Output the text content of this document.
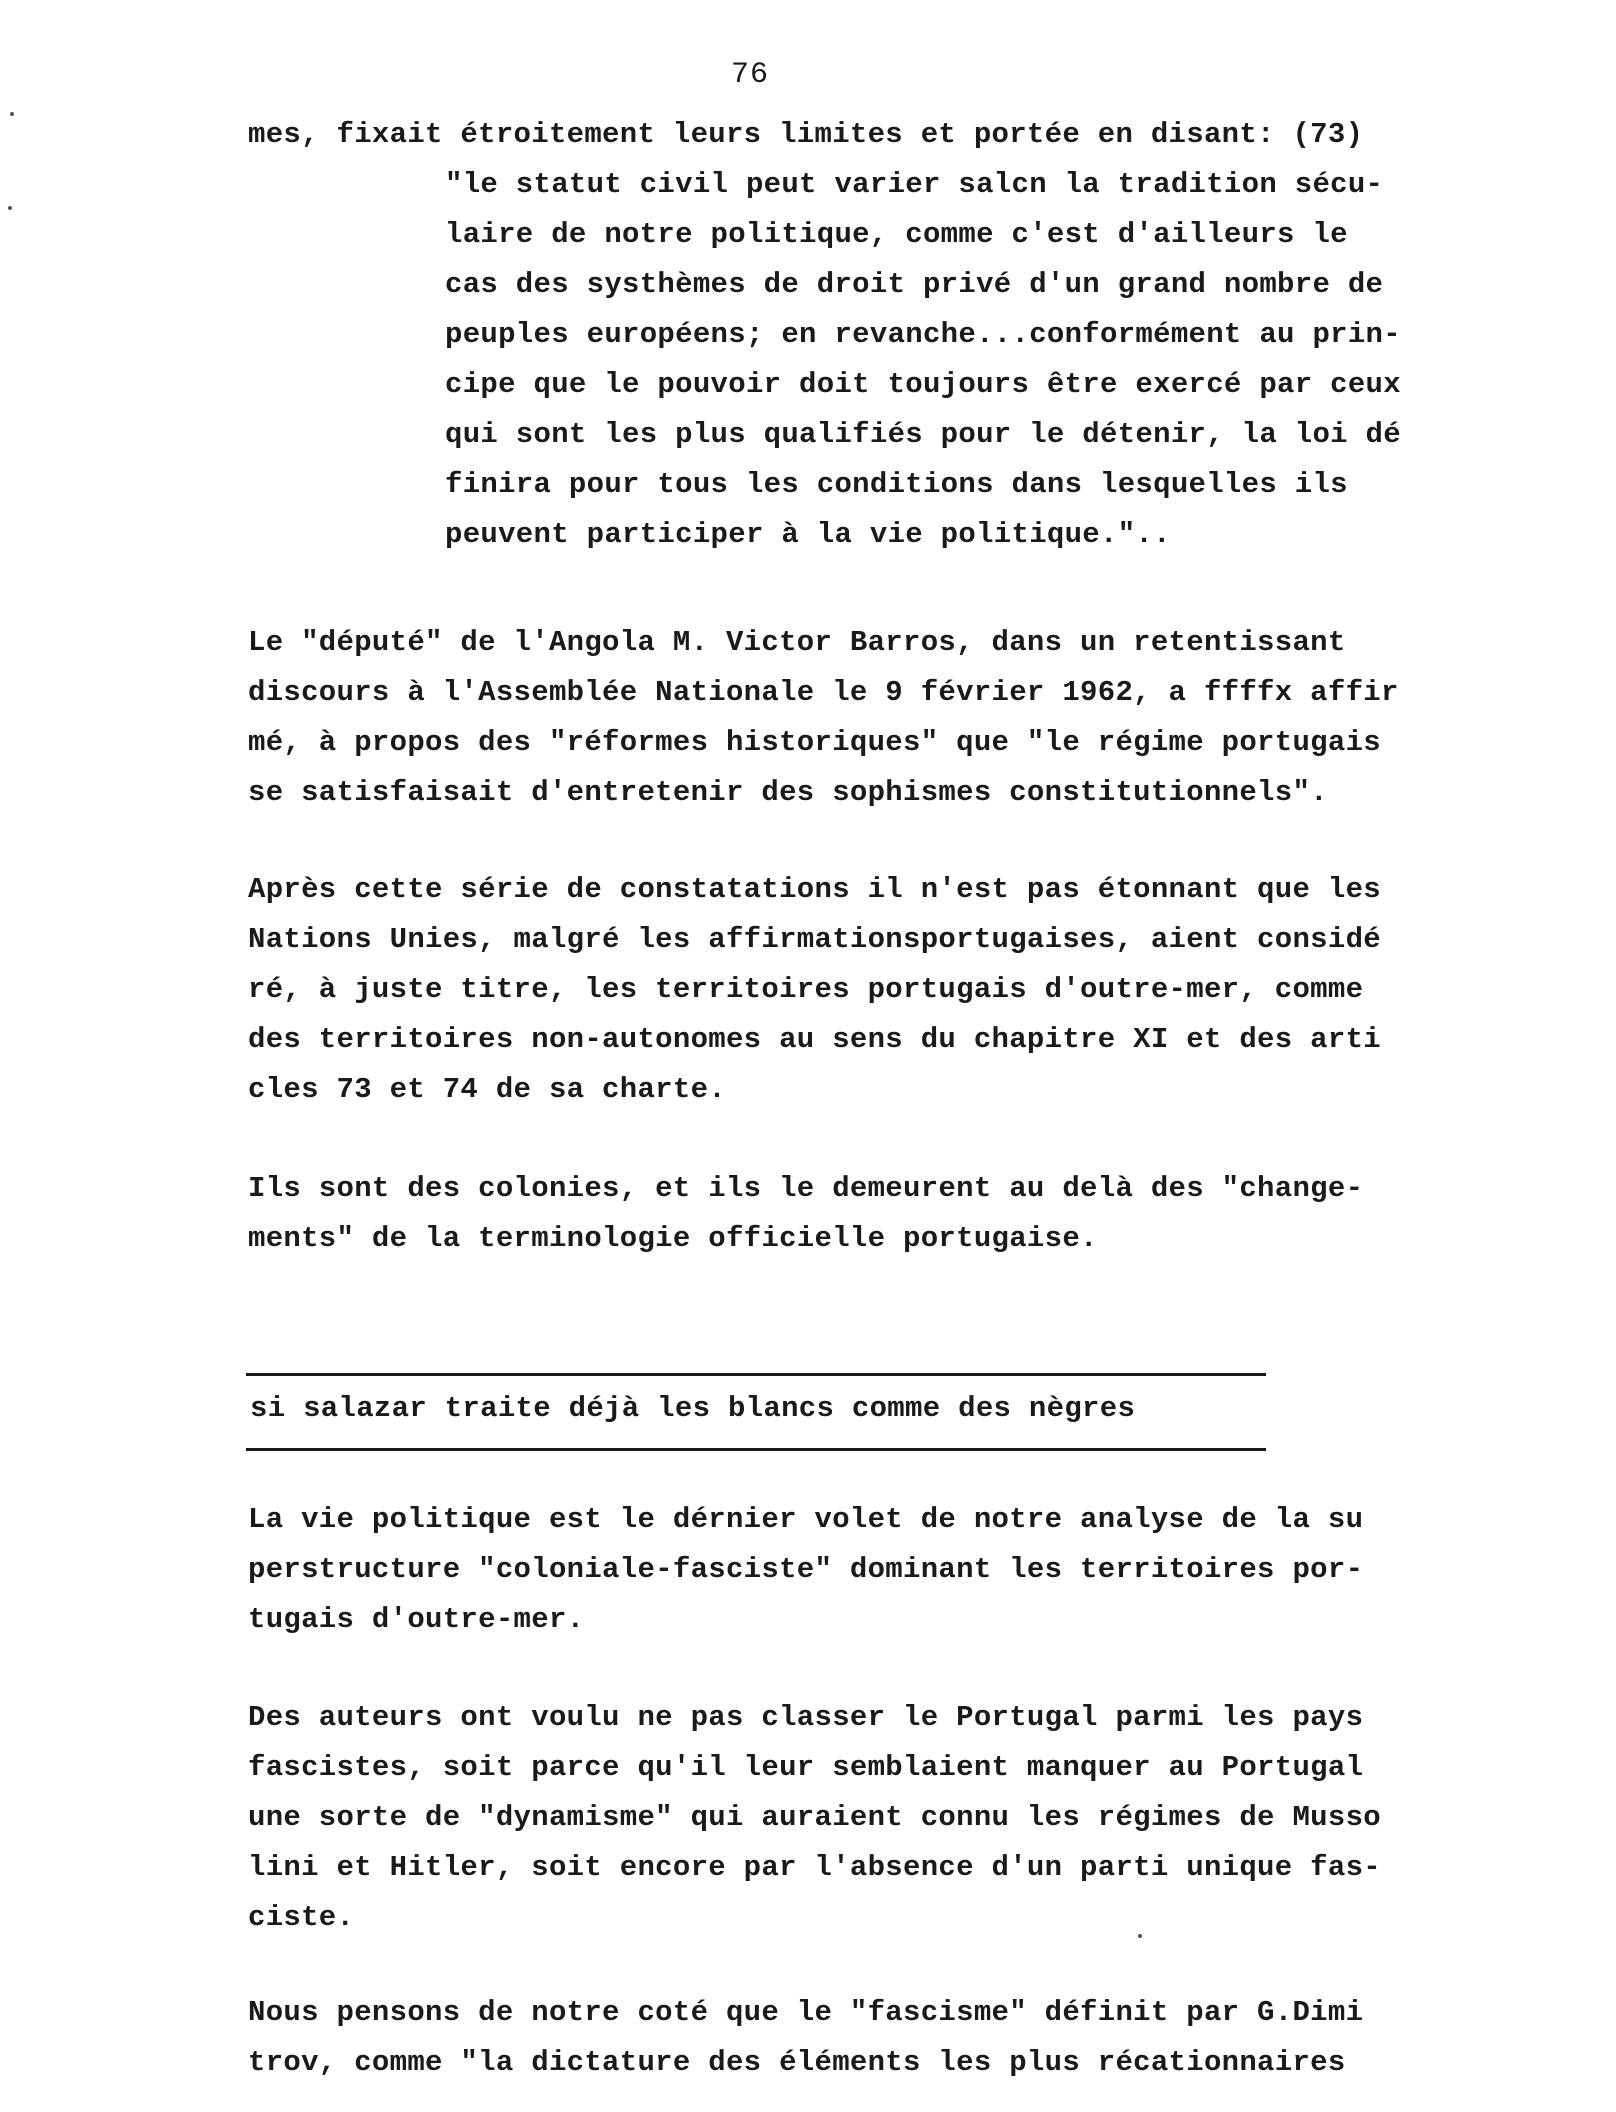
76
mes, fixait étroitement leurs limites et portée en disant: (73)
"le statut civil peut varier salcn la tradition sécu-
laire de notre politique, comme c'est d'ailleurs le
cas des systhèmes de droit privé d'un grand nombre de
peuples européens; en revanche...conformément au prin-
cipe que le pouvoir doit toujours être exercé par ceux
qui sont les plus qualifiés pour le détenir, la loi dé
finira pour tous les conditions dans lesquelles ils
peuvent participer à la vie politique."..
Le "député" de l'Angola M. Victor Barros, dans un retentissant
discours à l'Assemblée Nationale le 9 février 1962, a ffffx affir
mé, à propos des "réformes historiques" que "le régime portugais
se satisfaisait d'entretenir des sophismes constitutionnels".
Après cette série de constatations il n'est pas étonnant que les
Nations Unies, malgré les affirmationsportugaises, aient considé
ré, à juste titre, les territoires portugais d'outre-mer, comme
des territoires non-autonomes au sens du chapitre XI et des arti
cles 73 et 74 de sa charte.
Ils sont des colonies, et ils le demeurent au delà des "change-
ments" de la terminologie officielle portugaise.
si salazar traite déjà les blancs comme des nègres
La vie politique est le dérnier volet de notre analyse de la su
perstructure "coloniale-fasciste" dominant les territoires por-
tugais d'outre-mer.
Des auteurs ont voulu ne pas classer le Portugal parmi les pays
fascistes, soit parce qu'il leur semblaient manquer au Portugal
une sorte de "dynamisme" qui auraient connu les régimes de Musso
lini et Hitler, soit encore par l'absence d'un parti unique fas-
ciste.
Nous pensons de notre coté que le "fascisme" définit par G.Dimi
trov, comme "la dictature des éléments les plus récationnaires
